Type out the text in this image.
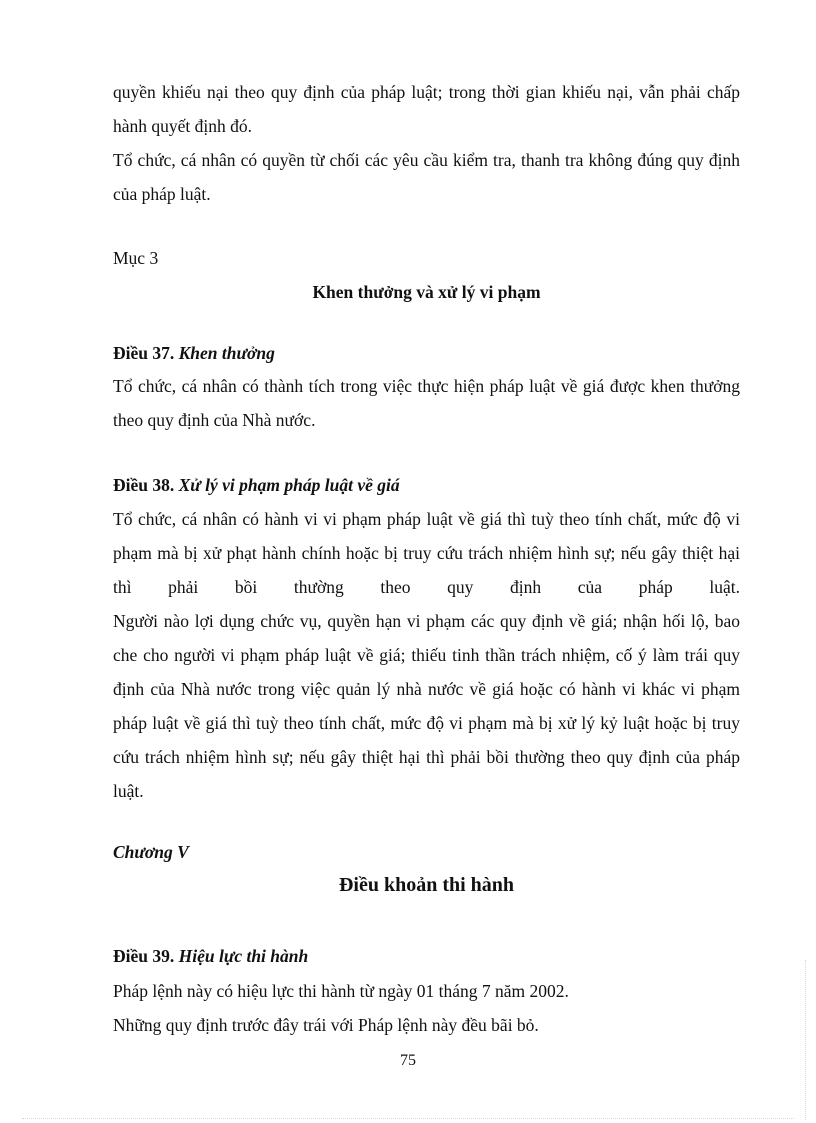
quyền khiếu nại theo quy định của pháp luật; trong thời gian khiếu nại, vẫn phải chấp hành quyết định đó.

Tổ chức, cá nhân có quyền từ chối các yêu cầu kiểm tra, thanh tra không đúng quy định của pháp luật.

Mục 3
Khen thưởng và xử lý vi phạm
Điều 37. Khen thưởng

Tổ chức, cá nhân có thành tích trong việc thực hiện pháp luật về giá được khen thưởng theo quy định của Nhà nước.

Điều 38. Xử lý vi phạm pháp luật về giá

Tổ chức, cá nhân có hành vi vi phạm pháp luật về giá thì tuỳ theo tính chất, mức độ vi phạm mà bị xử phạt hành chính hoặc bị truy cứu trách nhiệm hình sự; nếu gây thiệt hại thì phải bồi thường theo quy định của pháp luật.

Người nào lợi dụng chức vụ, quyền hạn vi phạm các quy định về giá; nhận hối lộ, bao che cho người vi phạm pháp luật về giá; thiếu tinh thần trách nhiệm, cố ý làm trái quy định của Nhà nước trong việc quản lý nhà nước về giá hoặc có hành vi khác vi phạm pháp luật về giá thì tuỳ theo tính chất, mức độ vi phạm mà bị xử lý kỷ luật hoặc bị truy cứu trách nhiệm hình sự; nếu gây thiệt hại thì phải bồi thường theo quy định của pháp luật.

Chương V
Điều khoản thi hành
Điều 39. Hiệu lực thi hành

Pháp lệnh này có hiệu lực thi hành từ ngày 01 tháng 7 năm 2002.

Những quy định trước đây trái với Pháp lệnh này đều bãi bỏ.

75
